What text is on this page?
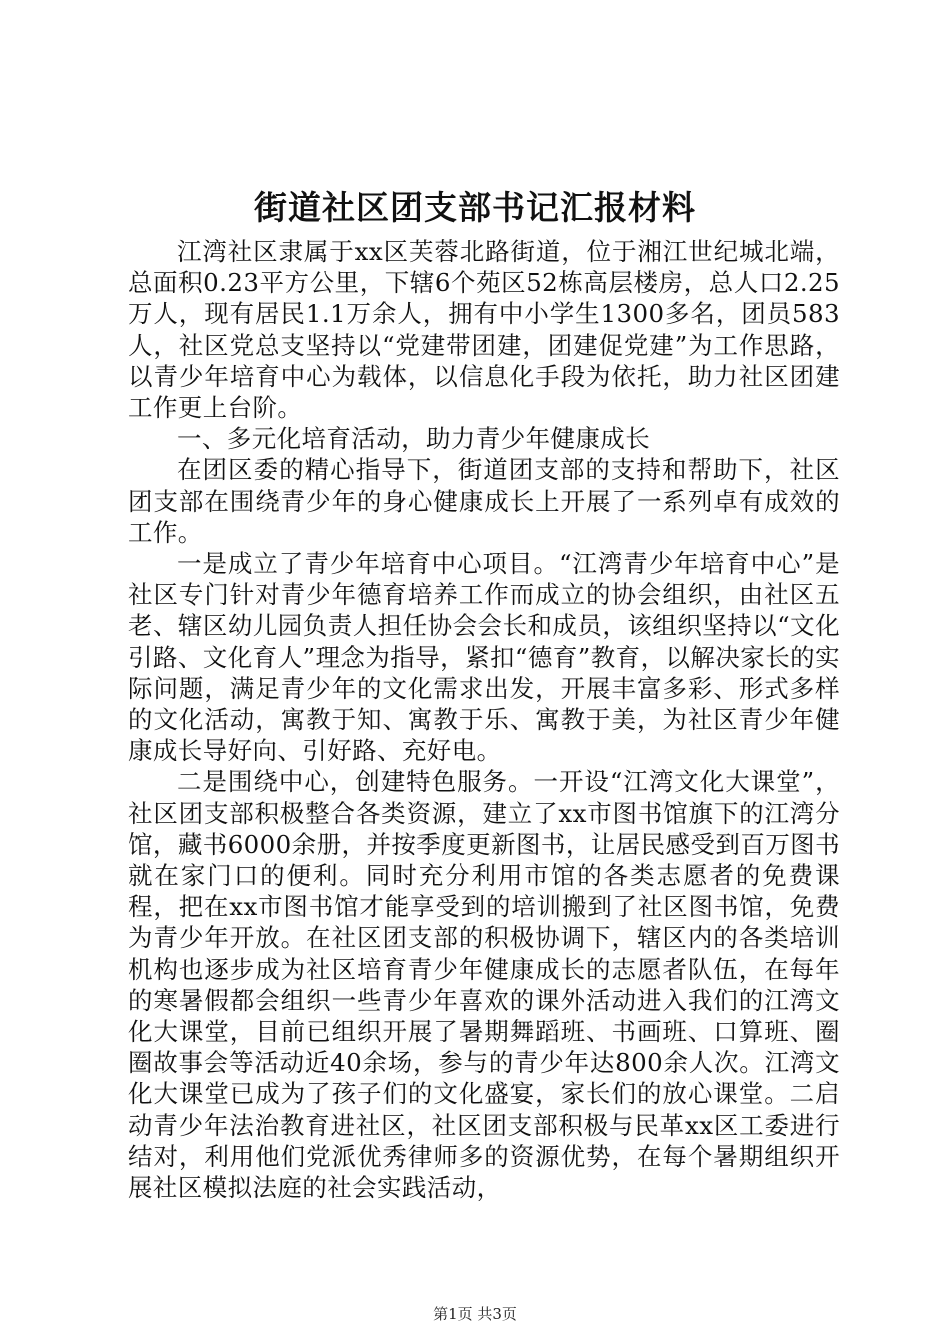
街道社区团支部书记汇报材料

江湾社区隶属于xx区芙蓉北路街道，位于湘江世纪城北端，总面积0.23平方公里，下辖6个苑区52栋高层楼房，总人口2.25万人，现有居民1.1万余人，拥有中小学生1300多名，团员583人，社区党总支坚持以“党建带团建，团建促党建”为工作思路，以青少年培育中心为载体，以信息化手段为依托，助力社区团建工作更上台阶。

一、多元化培育活动，助力青少年健康成长

在团区委的精心指导下，街道团支部的支持和帮助下，社区团支部在围绕青少年的身心健康成长上开展了一系列卓有成效的工作。

一是成立了青少年培育中心项目。“江湾青少年培育中心”是社区专门针对青少年德育培养工作而成立的协会组织，由社区五老、辖区幼儿园负责人担任协会会长和成员，该组织坚持以“文化引路、文化育人”理念为指导，紧扣“德育”教育，以解决家长的实际问题，满足青少年的文化需求出发，开展丰富多彩、形式多样的文化活动，寓教于知、寓教于乐、寓教于美，为社区青少年健康成长导好向、引好路、充好电。

二是围绕中心，创建特色服务。一开设“江湾文化大课堂”，社区团支部积极整合各类资源，建立了xx市图书馆旗下的江湾分馆，藏书6000余册，并按季度更新图书，让居民感受到百万图书就在家门口的便利。同时充分利用市馆的各类志愿者的免费课程，把在xx市图书馆才能享受到的培训搬到了社区图书馆，免费为青少年开放。在社区团支部的积极协调下，辖区内的各类培训机构也逐步成为社区培育青少年健康成长的志愿者队伍，在每年的寒暑假都会组织一些青少年喜欢的课外活动进入我们的江湾文化大课堂，目前已组织开展了暑期舞蹈班、书画班、口算班、圈圈故事会等活动近40余场，参与的青少年达800余人次。江湾文化大课堂已成为了孩子们的文化盛宴，家长们的放心课堂。二启动青少年法治教育进社区，社区团支部积极与民革xx区工委进行结对，利用他们党派优秀律师多的资源优势，在每个暑期组织开展社区模拟法庭的社会实践活动，

第1页 共3页
